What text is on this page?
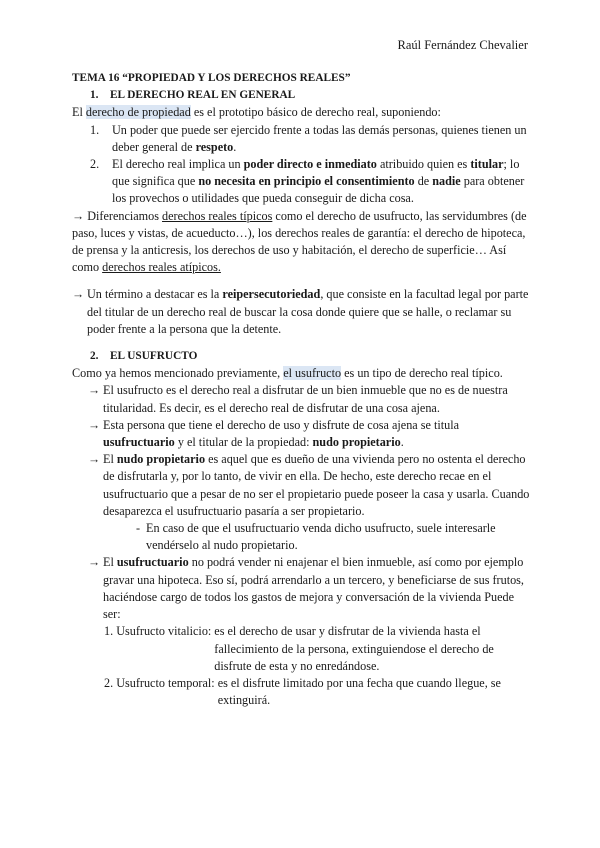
Raúl Fernández Chevalier
TEMA 16 “PROPIEDAD Y LOS DERECHOS REALES”
1.	EL DERECHO REAL EN GENERAL

El derecho de propiedad es el prototipo básico de derecho real, suponiendo:

1.	Un poder que puede ser ejercido frente a todas las demás personas, quienes tienen un deber general de respeto.
2.	El derecho real implica un poder directo e inmediato atribuido quien es titular; lo que significa que no necesita en principio el consentimiento de nadie para obtener los provechos o utilidades que pueda conseguir de dicha cosa.

→ Diferenciamos derechos reales típicos como el derecho de usufructo, las servidumbres (de paso, luces y vistas, de acueducto…), los derechos reales de garantía: el derecho de hipoteca, de prensa y la anticresis, los derechos de uso y habitación, el derecho de superficie… Así como derechos reales atípicos.

→ Un término a destacar es la reipersecutoriedad, que consiste en la facultad legal por parte del titular de un derecho real de buscar la cosa donde quiere que se halle, o reclamar su poder frente a la persona que la detente.
2.	EL USUFRUCTO

Como ya hemos mencionado previamente, el usufructo es un tipo de derecho real típico.

→ El usufructo es el derecho real a disfrutar de un bien inmueble que no es de nuestra titularidad. Es decir, es el derecho real de disfrutar de una cosa ajena.
→ Esta persona que tiene el derecho de uso y disfrute de cosa ajena se titula usufructuario y el titular de la propiedad: nudo propietario.
→ El nudo propietario es aquel que es dueño de una vivienda pero no ostenta el derecho de disfrutarla y, por lo tanto, de vivir en ella. De hecho, este derecho recae en el usufructuario que a pesar de no ser el propietario puede poseer la casa y usarla. Cuando desaparezca el usufructuario pasaría a ser propietario.
- En caso de que el usufructuario venda dicho usufructo, suele interesarle vendérselo al nudo propietario.
→ El usufructuario no podrá vender ni enajenar el bien inmueble, así como por ejemplo gravar una hipoteca. Eso sí, podrá arrendarlo a un tercero, y beneficiarse de sus frutos, haciéndose cargo de todos los gastos de mejora y conversación de la vivienda Puede ser:
1. Usufructo vitalicio: es el derecho de usar y disfrutar de la vivienda hasta el fallecimiento de la persona, extinguiendose el derecho de disfrute de esta y no enredándose.
2. Usufructo temporal: es el disfrute limitado por una fecha que cuando llegue, se extinguirá.
